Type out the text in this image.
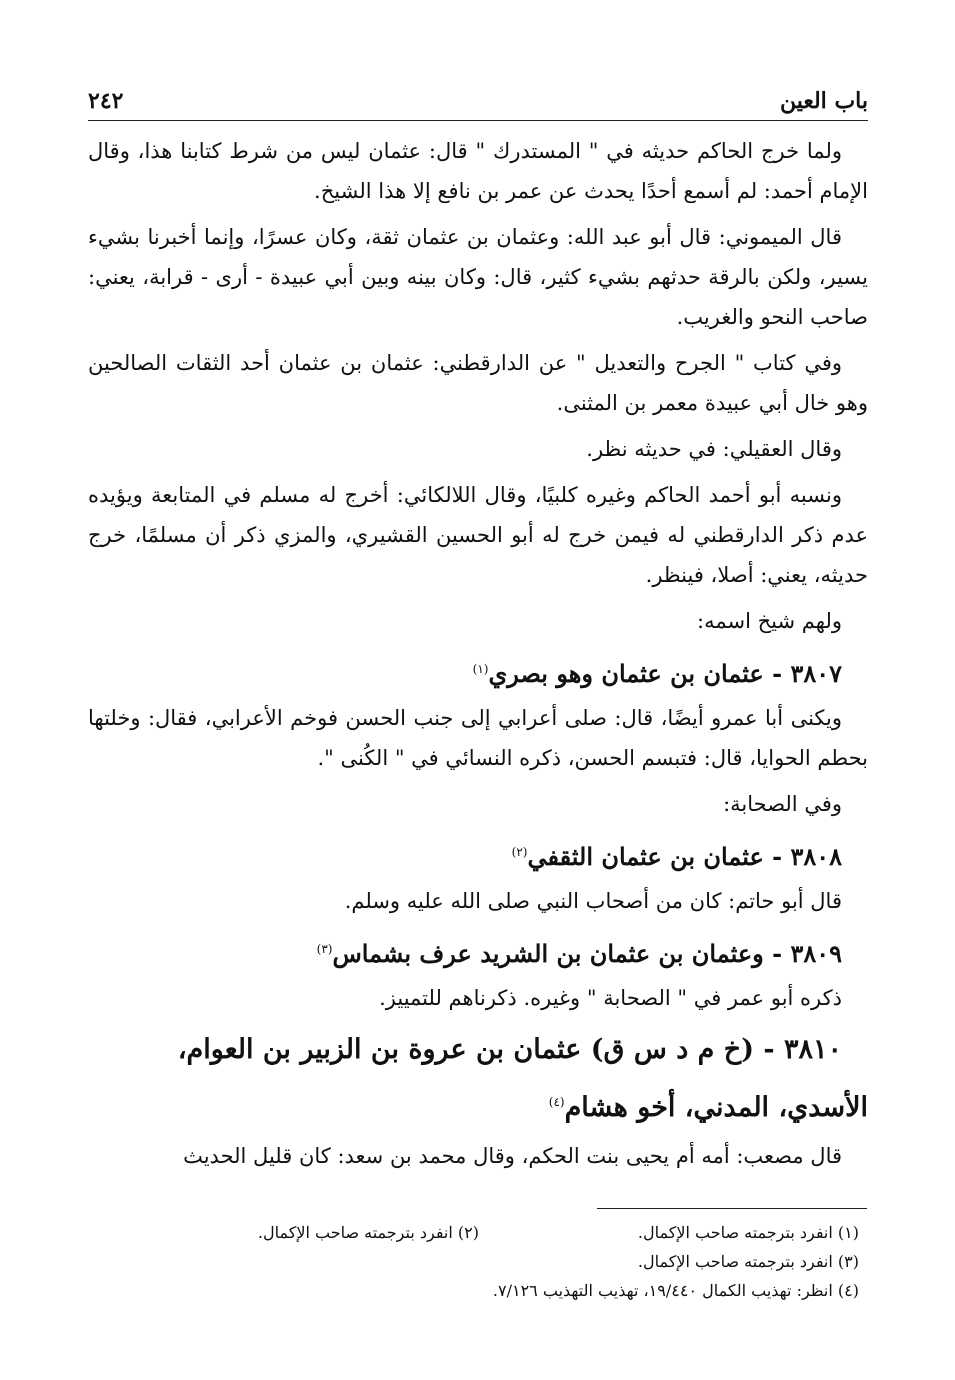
باب العين
٢٤٢

ولما خرج الحاكم حديثه في " المستدرك " قال: عثمان ليس من شرط كتابنا هذا، وقال الإمام أحمد: لم أسمع أحدًا يحدث عن عمر بن نافع إلا هذا الشيخ.

قال الميموني: قال أبو عبد الله: وعثمان بن عثمان ثقة، وكان عسرًا، وإنما أخبرنا بشيء يسير، ولكن بالرقة حدثهم بشيء كثير، قال: وكان بينه وبين أبي عبيدة - أرى - قرابة، يعني: صاحب النحو والغريب.

وفي كتاب " الجرح والتعديل " عن الدارقطني: عثمان بن عثمان أحد الثقات الصالحين وهو خال أبي عبيدة معمر بن المثنى.

وقال العقيلي: في حديثه نظر.

ونسبه أبو أحمد الحاكم وغيره كلبيًا، وقال اللالكائي: أخرج له مسلم في المتابعة ويؤيده عدم ذكر الدارقطني له فيمن خرج له أبو الحسين القشيري، والمزي ذكر أن مسلمًا، خرج حديثه، يعني: أصلا، فينظر.

ولهم شيخ اسمه:

٣٨٠٧ - عثمان بن عثمان وهو بصري$^{(١)}$

ويكنى أبا عمرو أيضًا، قال: صلى أعرابي إلى جنب الحسن فوخم الأعرابي، فقال: وخلتها بحطم الحوايا، قال: فتبسم الحسن، ذكره النسائي في " الكُنى ".

وفي الصحابة:

٣٨٠٨ - عثمان بن عثمان الثقفي$^{(٢)}$

قال أبو حاتم: كان من أصحاب النبي صلى الله عليه وسلم.

٣٨٠٩ - وعثمان بن عثمان بن الشريد عرف بشماس$^{(٣)}$

ذكره أبو عمر في " الصحابة " وغيره. ذكرناهم للتمييز.

٣٨١٠ - (خ م د س ق) عثمان بن عروة بن الزبير بن العوام، الأسدي، المدني، أخو هشام$^{(٤)}$

قال مصعب: أمه أم يحيى بنت الحكم، وقال محمد بن سعد: كان قليل الحديث

(١) انفرد بترجمته صاحب الإكمال.
(٢) انفرد بترجمته صاحب الإكمال.
(٣) انفرد بترجمته صاحب الإكمال.
(٤) انظر: تهذيب الكمال ١٩/٤٤٠، تهذيب التهذيب ٧/١٢٦.
